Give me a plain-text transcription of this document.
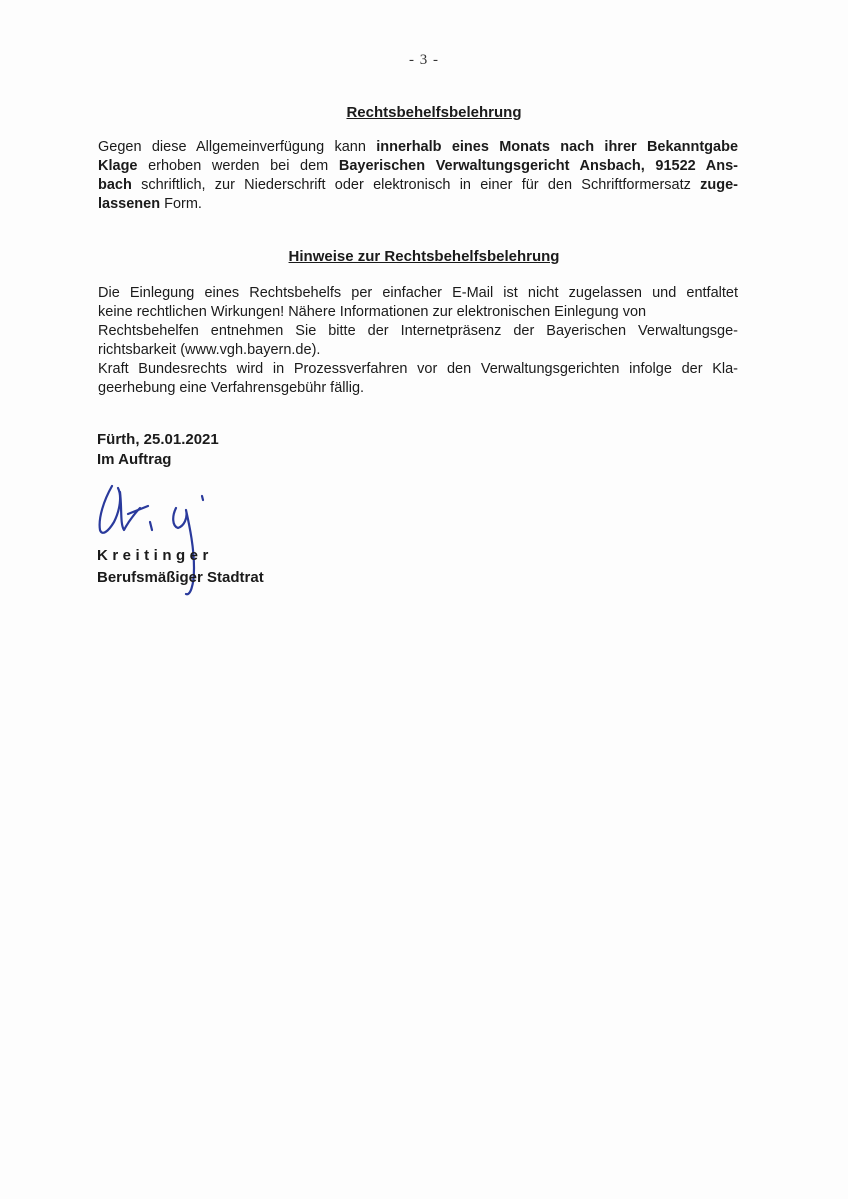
- 3 -
Rechtsbehelfsbelehrung
Gegen diese Allgemeinverfügung kann innerhalb eines Monats nach ihrer Bekanntgabe
Klage erhoben werden bei dem Bayerischen Verwaltungsgericht Ansbach, 91522 Ans-
bach schriftlich, zur Niederschrift oder elektronisch in einer für den Schriftformersatz zuge-
lassenen Form.
Hinweise zur Rechtsbehelfsbelehrung
Die Einlegung eines Rechtsbehelfs per einfacher E-Mail ist nicht zugelassen und entfaltet
keine rechtlichen Wirkungen! Nähere Informationen zur elektronischen Einlegung von
Rechtsbehelfen entnehmen Sie bitte der Internetpräsenz der Bayerischen Verwaltungsge-
richtsbarkeit (www.vgh.bayern.de).
Kraft Bundesrechts wird in Prozessverfahren vor den Verwaltungsgerichten infolge der Kla-
geerhebung eine Verfahrensgebühr fällig.
Fürth, 25.01.2021
Im Auftrag
Kreitinger
Berufsmäßiger Stadtrat
